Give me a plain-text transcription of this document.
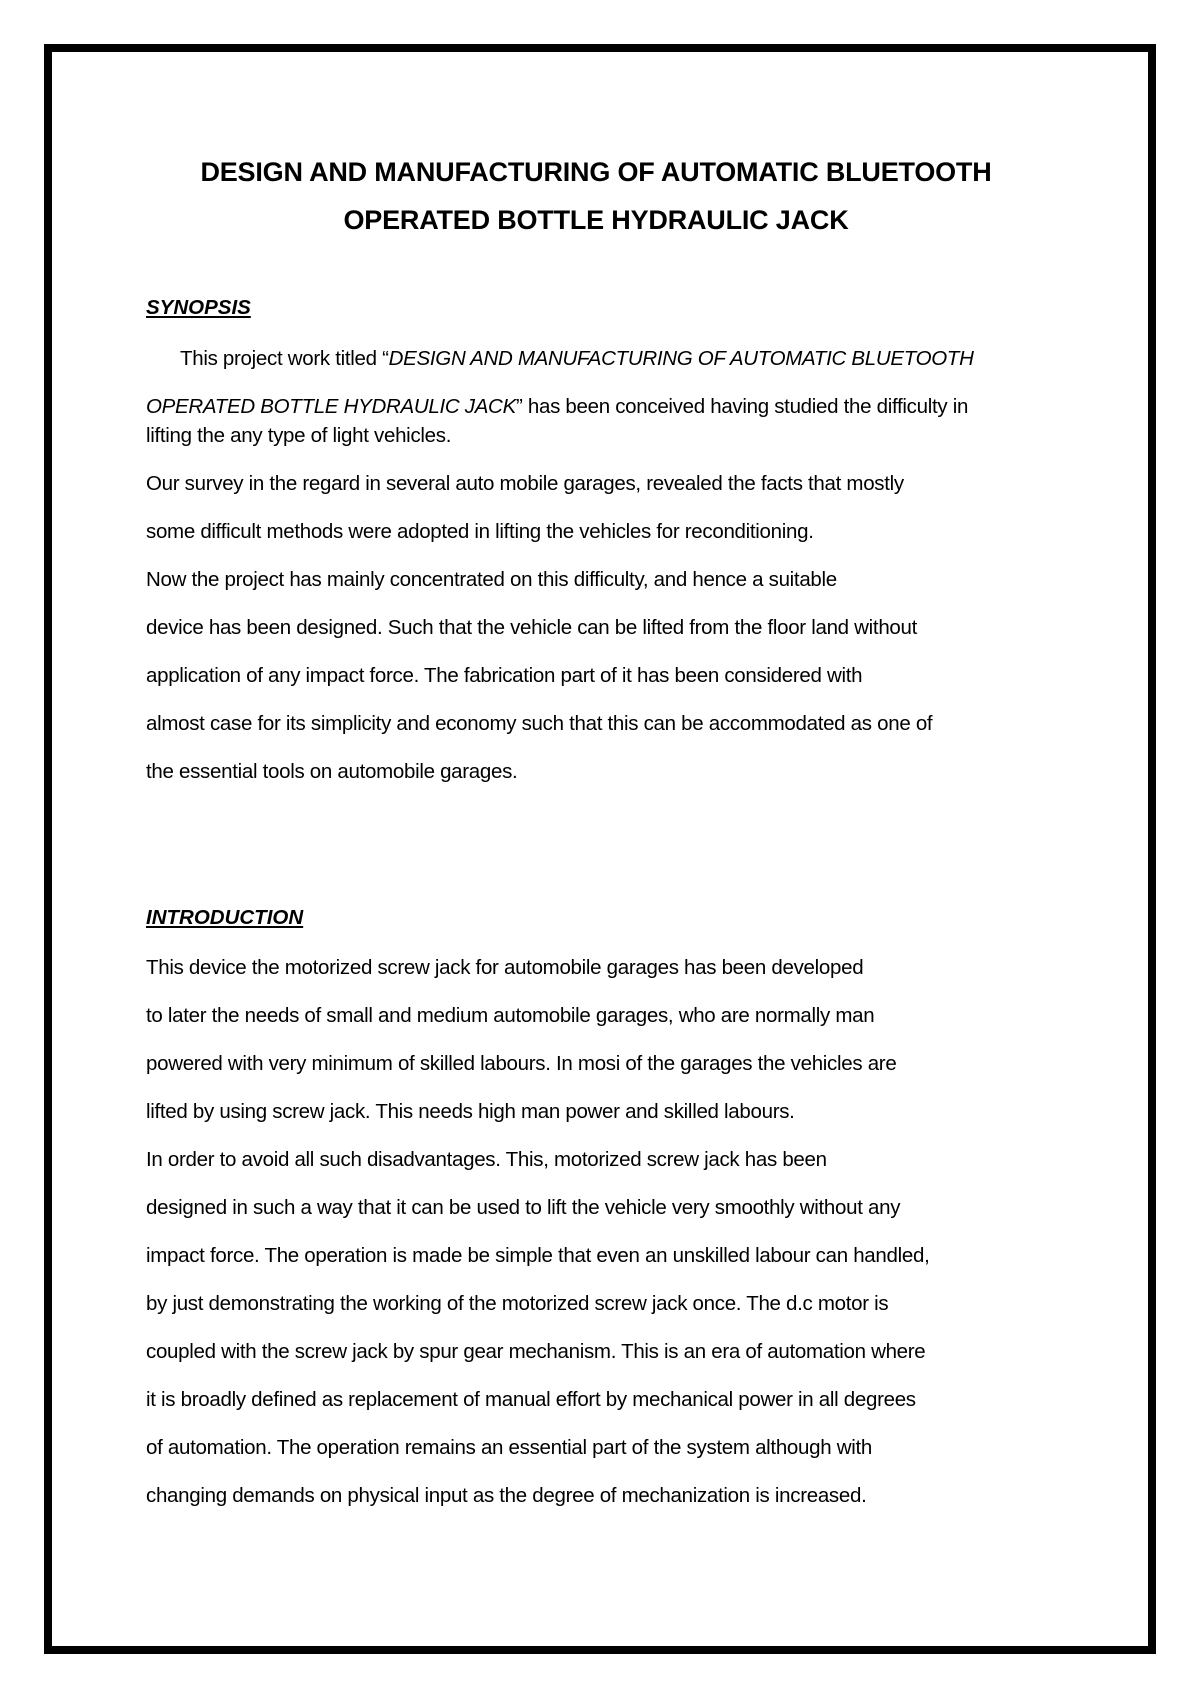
DESIGN AND MANUFACTURING OF AUTOMATIC BLUETOOTH
OPERATED BOTTLE HYDRAULIC JACK
SYNOPSIS
This project work titled “DESIGN AND MANUFACTURING OF AUTOMATIC BLUETOOTH
OPERATED BOTTLE HYDRAULIC JACK” has been conceived having studied the difficulty in
lifting the any type of light vehicles.
Our survey in the regard in several auto mobile garages, revealed the facts that mostly
some difficult methods were adopted in lifting the vehicles for reconditioning.
Now the project has mainly concentrated on this difficulty, and hence a suitable
device has been designed. Such that the vehicle can be lifted from the floor land without
application of any impact force. The fabrication part of it has been considered with
almost case for its simplicity and economy such that this can be accommodated as one of
the essential tools on automobile garages.
INTRODUCTION
This device the motorized screw jack for automobile garages has been developed
to later the needs of small and medium automobile garages, who are normally man
powered with very minimum of skilled labours. In mosi of the garages the vehicles are
lifted by using screw jack. This needs high man power and skilled labours.
In order to avoid all such disadvantages. This, motorized screw jack has been
designed in such a way that it can be used to lift the vehicle very smoothly without any
impact force. The operation is made be simple that even an unskilled labour can handled,
by just demonstrating the working of the motorized screw jack once. The d.c motor is
coupled with the screw jack by spur gear mechanism. This is an era of automation where
it is broadly defined as replacement of manual effort by mechanical power in all degrees
of automation. The operation remains an essential part of the system although with
changing demands on physical input as the degree of mechanization is increased.
